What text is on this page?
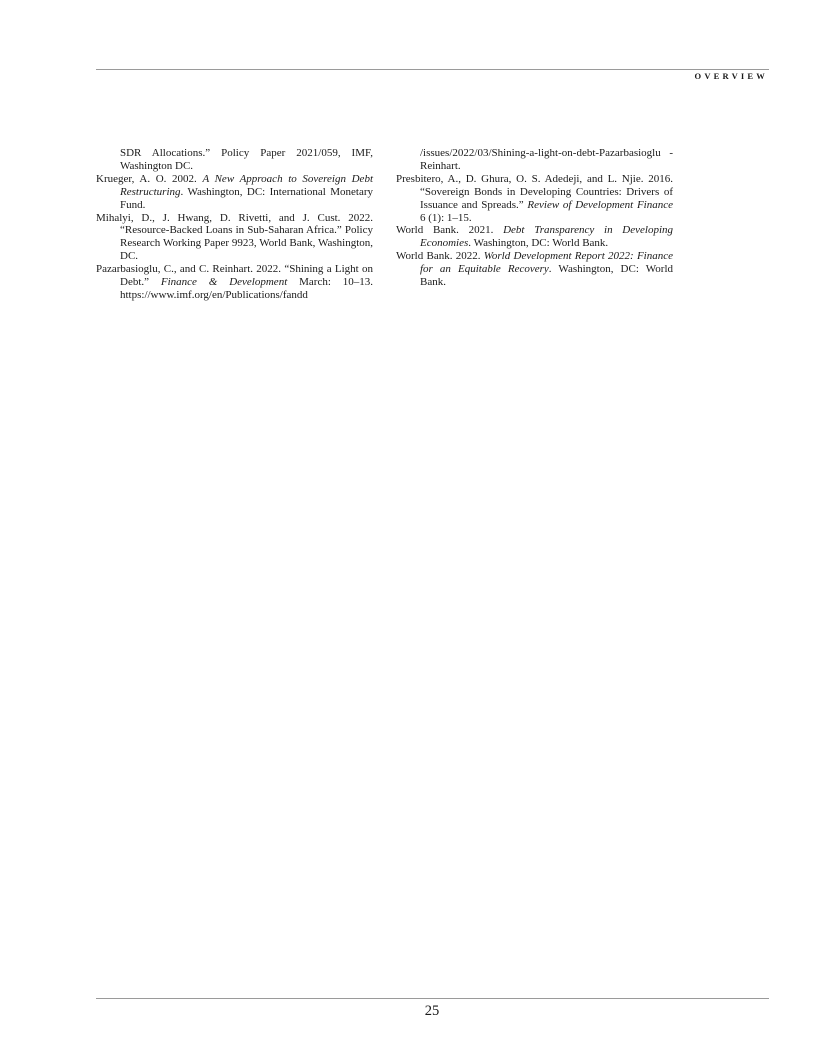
OVERVIEW

SDR Allocations.” Policy Paper 2021/059, IMF, Washington DC.

Krueger, A. O. 2002. A New Approach to Sovereign Debt Restructuring. Washington, DC: International Monetary Fund.

Mihalyi, D., J. Hwang, D. Rivetti, and J. Cust. 2022. “Resource-Backed Loans in Sub-Saharan Africa.” Policy Research Working Paper 9923, World Bank, Washington, DC.

Pazarbasioglu, C., and C. Reinhart. 2022. “Shining a Light on Debt.” Finance & Development March: 10–13. https://www.imf.org/en/Publications/fandd

/issues/2022/03/Shining-a-light-on-debt-Pazarbasioglu -Reinhart.

Presbitero, A., D. Ghura, O. S. Adedeji, and L. Njie. 2016. “Sovereign Bonds in Developing Countries: Drivers of Issuance and Spreads.” Review of Development Finance 6 (1): 1–15.

World Bank. 2021. Debt Transparency in Developing Economies. Washington, DC: World Bank.

World Bank. 2022. World Development Report 2022: Finance for an Equitable Recovery. Washington, DC: World Bank.

25
